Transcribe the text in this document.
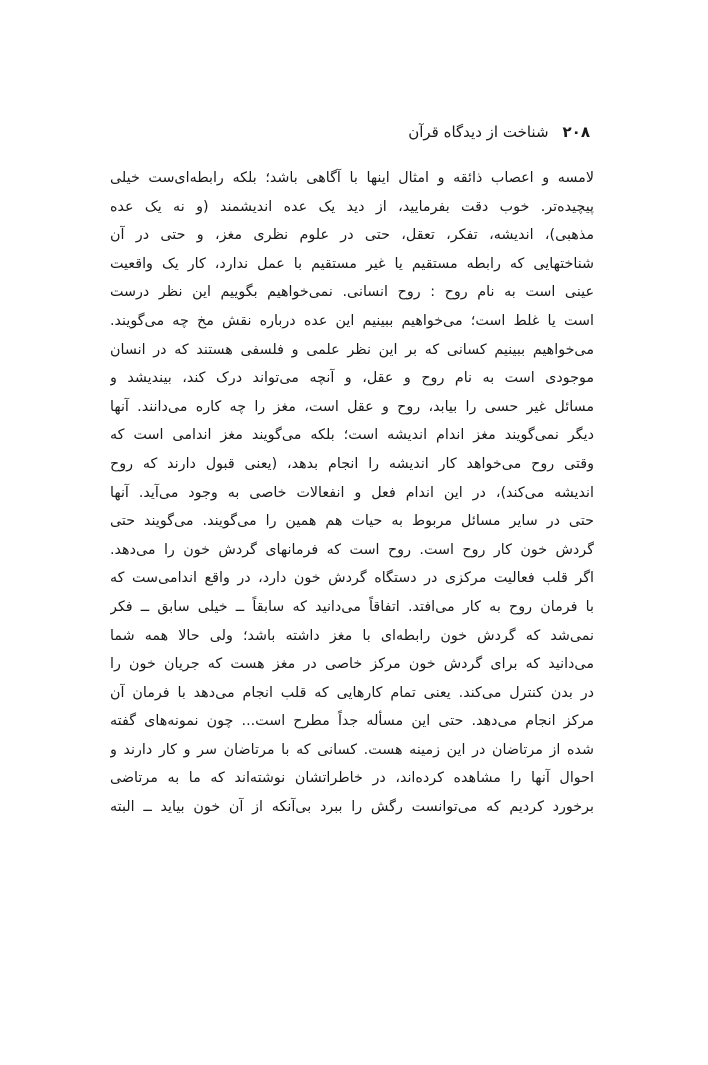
۲۰۸
شناخت از دیدگاه قرآن
لامسه و اعصاب ذائقه و امثال اینها با آگاهی باشد؛ بلکه رابطه‌ای‌ست خیلی
پیچیده‌تر. خوب دقت بفرمایید، از دید یک عده اندیشمند (و نه یک عده
مذهبی)، اندیشه، تفکر، تعقل، حتی در علوم نظری مغز، و حتی در آن
شناختهایی که رابطه مستقیم یا غیر مستقیم با عمل ندارد، کار یک واقعیت
عینی است به نام روح : روح انسانی. نمی‌خواهیم بگوییم این نظر درست
است یا غلط است؛ می‌خواهیم ببینیم این عده درباره نقش مخ چه می‌گویند.
می‌خواهیم ببینیم کسانی که بر این نظر علمی و فلسفی هستند که در انسان
موجودی است به نام روح و عقل، و آنچه می‌تواند درک کند، بیندیشد و
مسائل غیر حسی را بیابد، روح و عقل است، مغز را چه کاره می‌دانند. آنها
دیگر نمی‌گویند مغز اندام اندیشه است؛ بلکه می‌گویند مغز اندامی است که
وقتی روح می‌خواهد کار اندیشه را انجام بدهد، (یعنی قبول دارند که روح
اندیشه می‌کند)، در این اندام فعل و انفعالات خاصی به وجود می‌آید. آنها
حتی در سایر مسائل مربوط به حیات هم همین را می‌گویند. می‌گویند حتی
گردش خون کار روح است. روح است که فرمانهای گردش خون را می‌دهد.
اگر قلب فعالیت مرکزی در دستگاه گردش خون دارد، در واقع اندامی‌ست که
با فرمان روح به کار می‌افتد. اتفاقاً می‌دانید که سابقاً ــ خیلی سابق ــ فکر
نمی‌شد که گردش خون رابطه‌ای با مغز داشته باشد؛ ولی حالا همه شما
می‌دانید که برای گردش خون مرکز خاصی در مغز هست که جریان خون را
در بدن کنترل می‌کند. یعنی تمام کارهایی که قلب انجام می‌دهد با فرمان آن
مرکز انجام می‌دهد. حتی این مسأله جداً مطرح است... چون نمونه‌های گفته
شده از مرتاضان در این زمینه هست. کسانی که با مرتاضان سر و کار دارند و
احوال آنها را مشاهده کرده‌اند، در خاطراتشان نوشته‌اند که ما به مرتاضی
برخورد کردیم که می‌توانست رگش را ببرد بی‌آنکه از آن خون بیاید ــ البته
